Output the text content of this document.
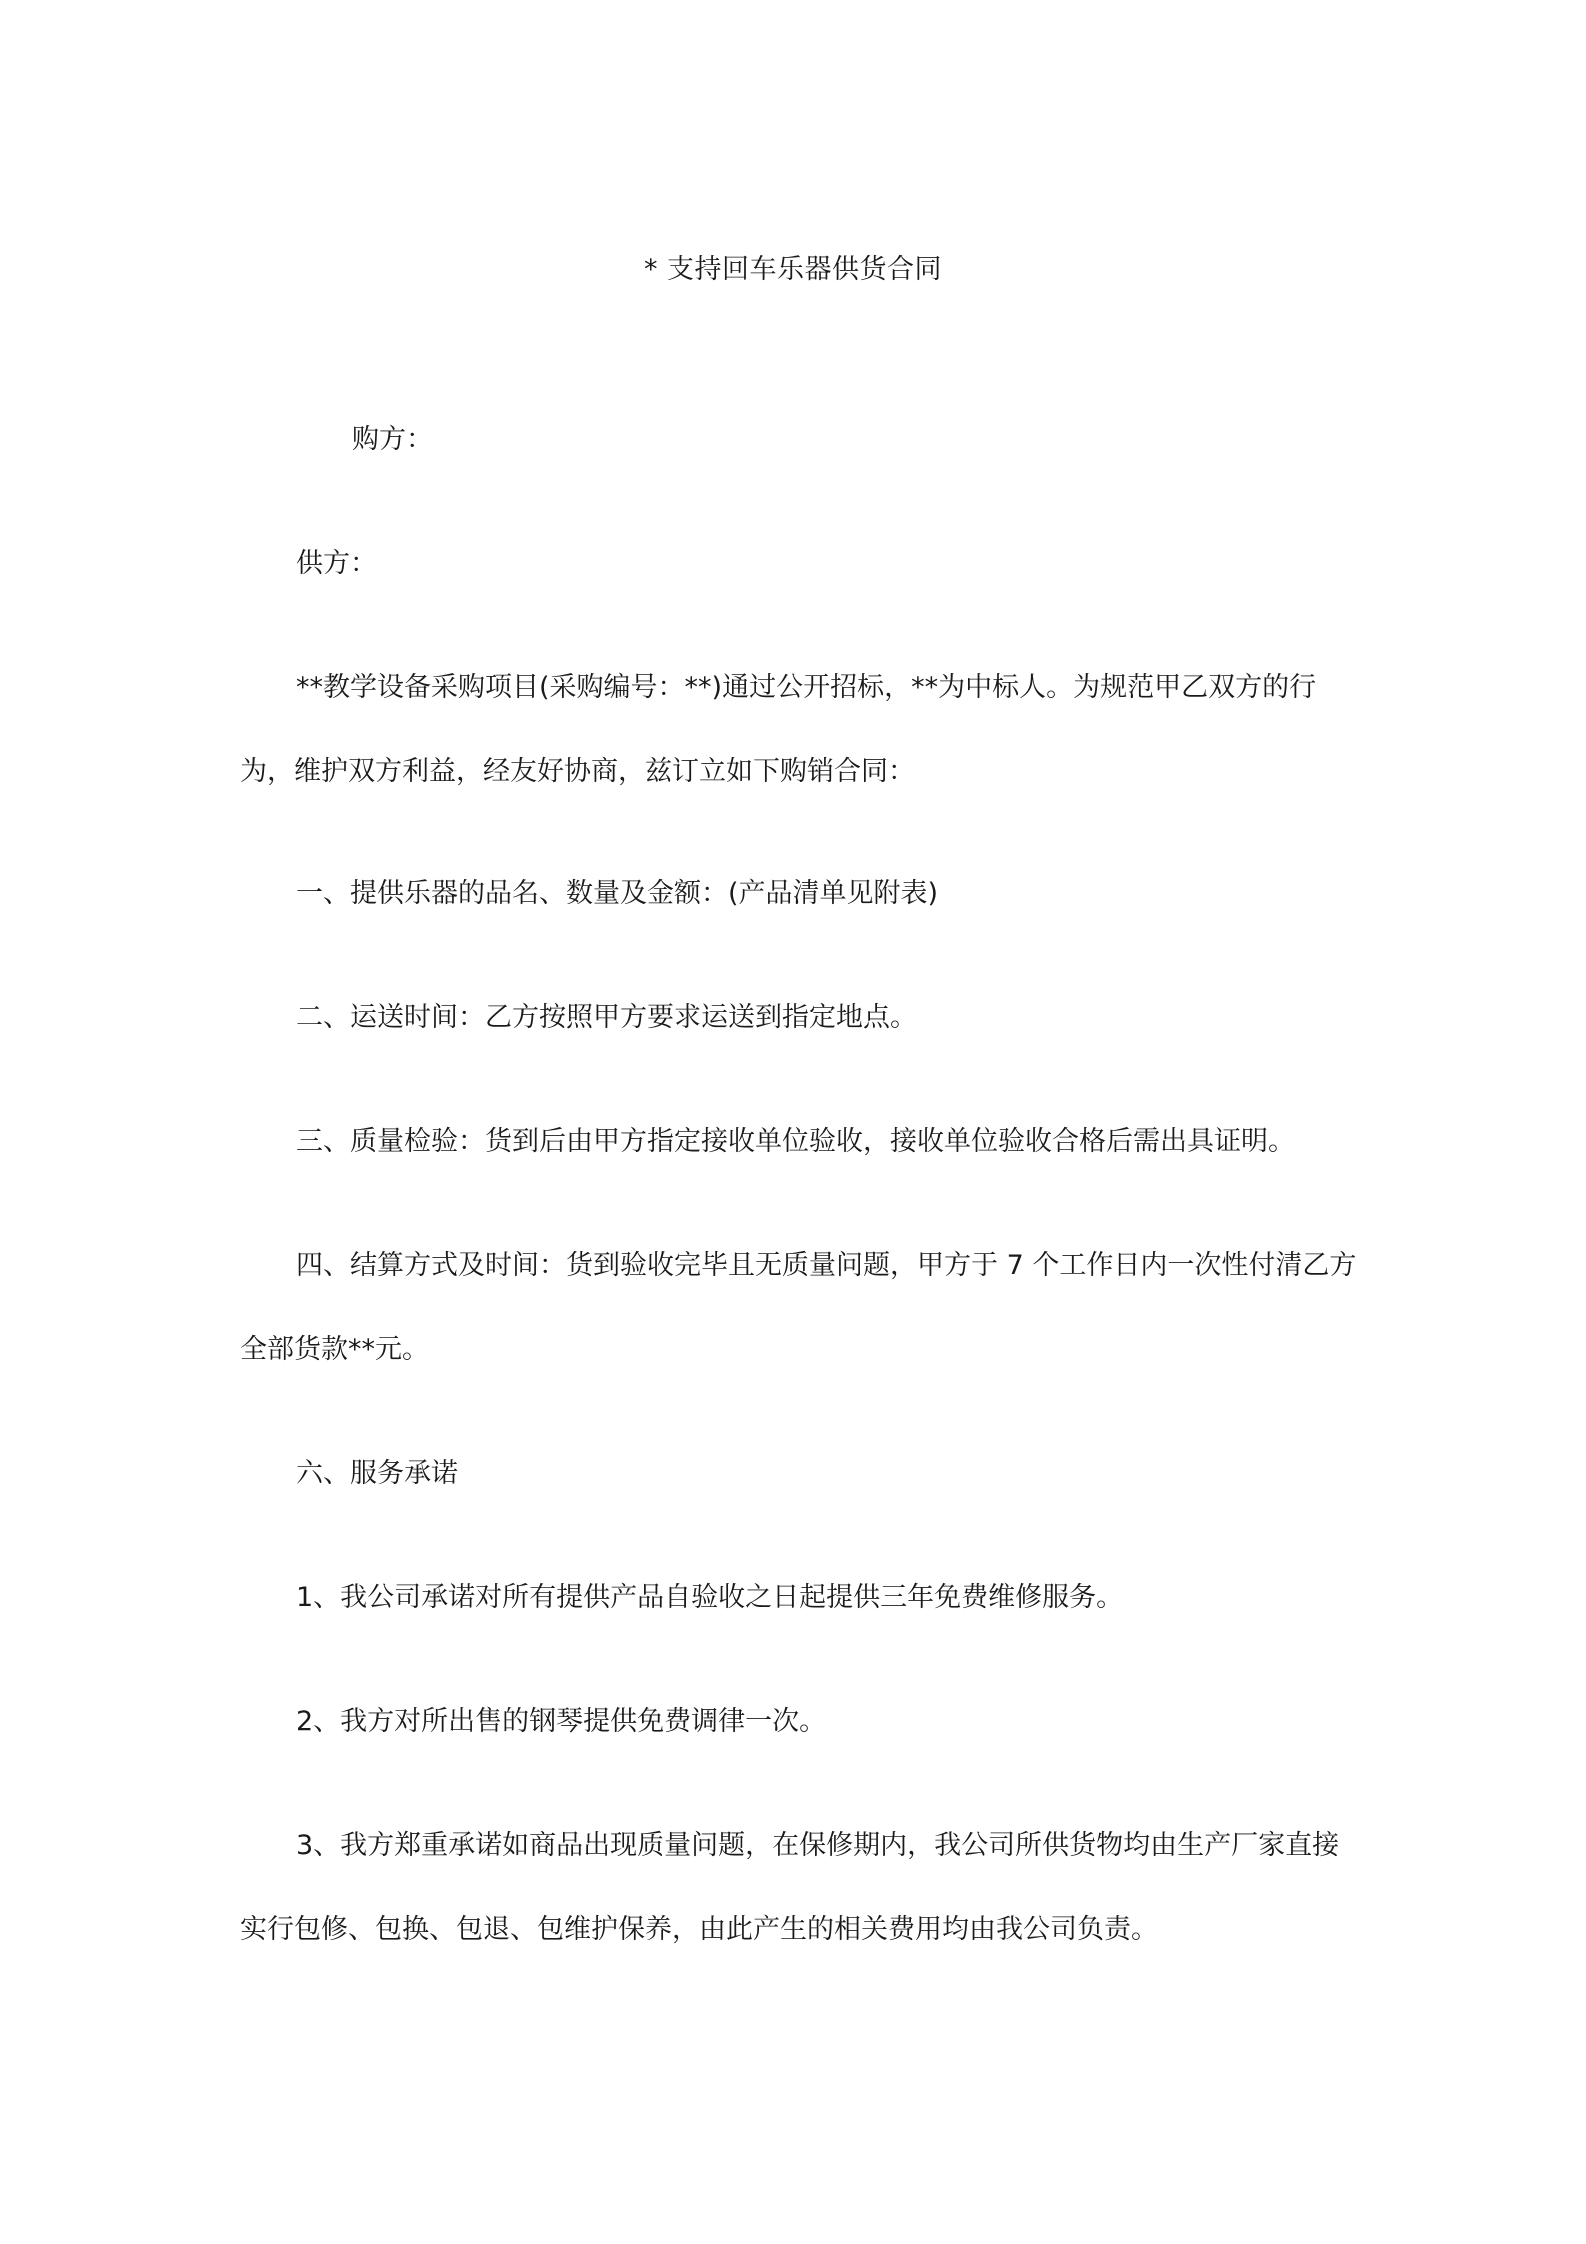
* 支持回车乐器供货合同

购方：

供方：

**教学设备采购项目(采购编号：**)通过公开招标，**为中标人。为规范甲乙双方的行为，维护双方利益，经友好协商，兹订立如下购销合同：

一、提供乐器的品名、数量及金额：(产品清单见附表)

二、运送时间：乙方按照甲方要求运送到指定地点。

三、质量检验：货到后由甲方指定接收单位验收，接收单位验收合格后需出具证明。

四、结算方式及时间：货到验收完毕且无质量问题，甲方于 7 个工作日内一次性付清乙方全部货款**元。

六、服务承诺

1、我公司承诺对所有提供产品自验收之日起提供三年免费维修服务。

2、我方对所出售的钢琴提供免费调律一次。

3、我方郑重承诺如商品出现质量问题，在保修期内，我公司所供货物均由生产厂家直接实行包修、包换、包退、包维护保养，由此产生的相关费用均由我公司负责。
